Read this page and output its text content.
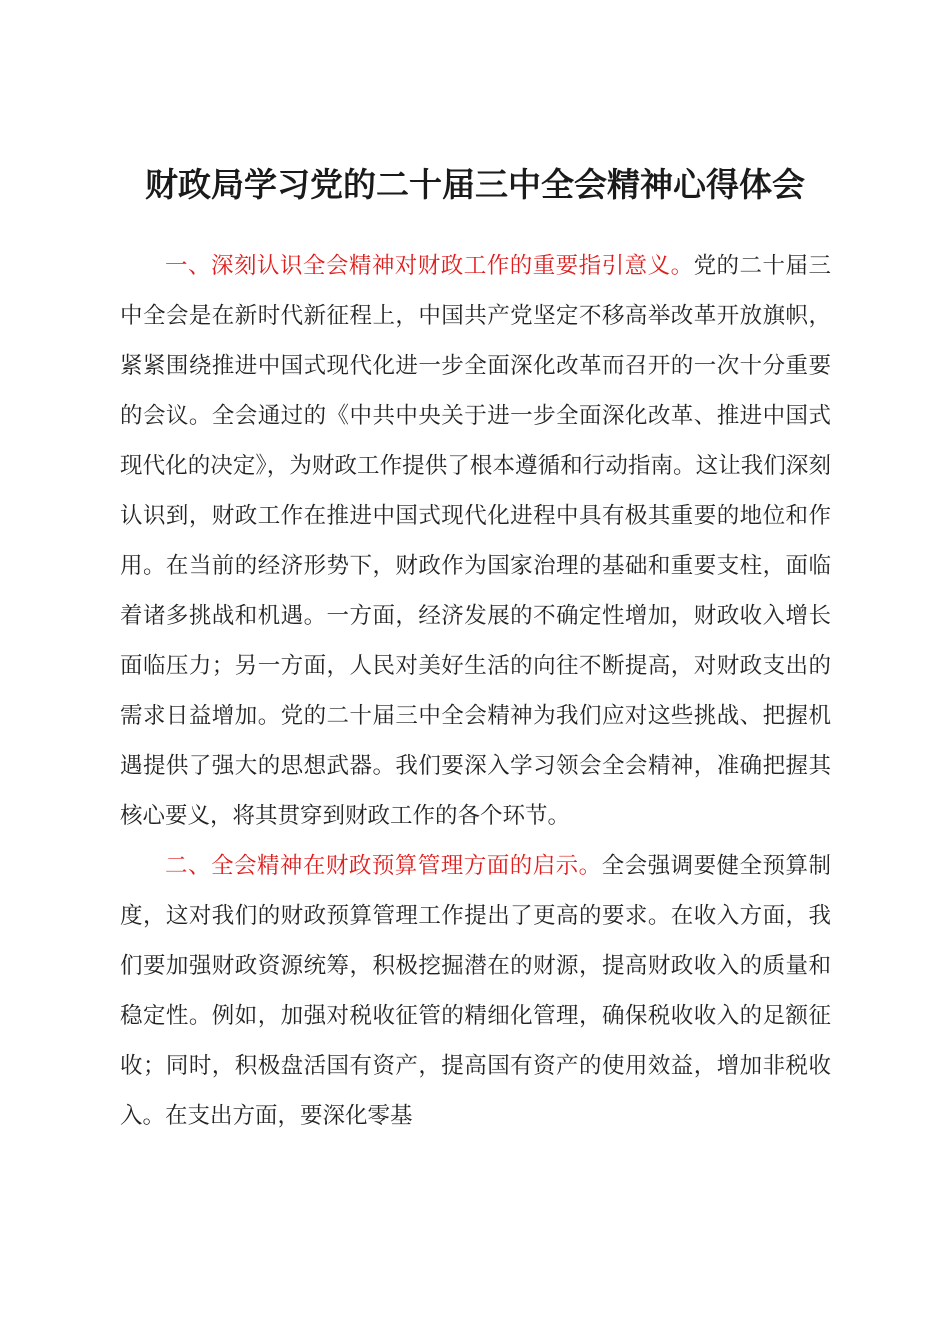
财政局学习党的二十届三中全会精神心得体会

一、深刻认识全会精神对财政工作的重要指引意义。党的二十届三中全会是在新时代新征程上，中国共产党坚定不移高举改革开放旗帜，紧紧围绕推进中国式现代化进一步全面深化改革而召开的一次十分重要的会议。全会通过的《中共中央关于进一步全面深化改革、推进中国式现代化的决定》，为财政工作提供了根本遵循和行动指南。这让我们深刻认识到，财政工作在推进中国式现代化进程中具有极其重要的地位和作用。在当前的经济形势下，财政作为国家治理的基础和重要支柱，面临着诸多挑战和机遇。一方面，经济发展的不确定性增加，财政收入增长面临压力；另一方面，人民对美好生活的向往不断提高，对财政支出的需求日益增加。党的二十届三中全会精神为我们应对这些挑战、把握机遇提供了强大的思想武器。我们要深入学习领会全会精神，准确把握其核心要义，将其贯穿到财政工作的各个环节。

二、全会精神在财政预算管理方面的启示。全会强调要健全预算制度，这对我们的财政预算管理工作提出了更高的要求。在收入方面，我们要加强财政资源统筹，积极挖掘潜在的财源，提高财政收入的质量和稳定性。例如，加强对税收征管的精细化管理，确保税收收入的足额征收；同时，积极盘活国有资产，提高国有资产的使用效益，增加非税收入。在支出方面，要深化零基
